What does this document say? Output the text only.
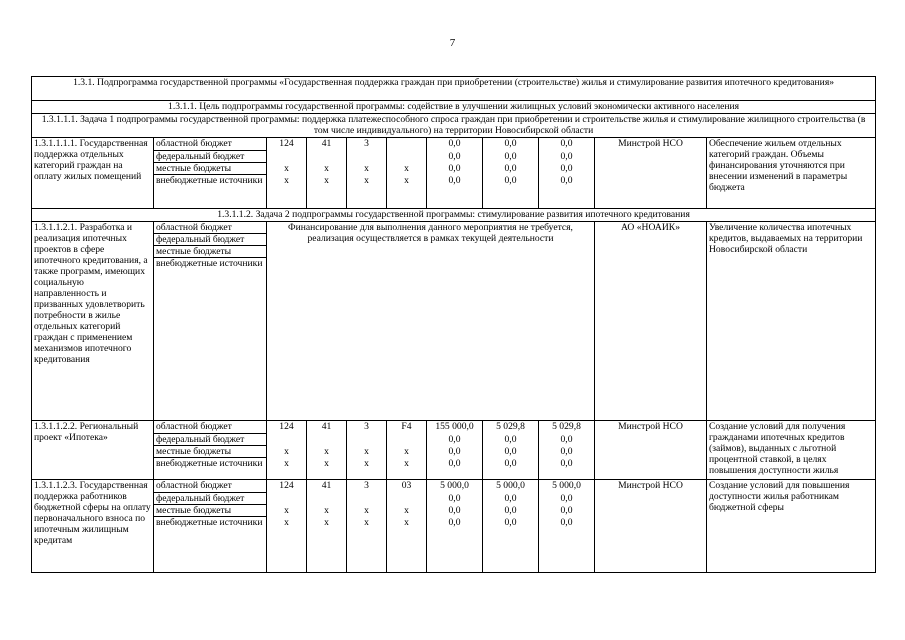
7
1.3.1. Подпрограмма государственной программы «Государственная поддержка граждан при приобретении (строительстве) жилья и стимулирование развития ипотечного кредитования»										
1.3.1.1. Цель подпрограммы государственной программы: содействие в улучшении жилищных условий экономически активного населения										
1.3.1.1.1. Задача 1 подпрограммы государственной программы: поддержка платежеспособного спроса граждан при приобретении и строительстве жилья и стимулирование жилищного строительства (в том числе индивидуального) на территории Новосибирской области										
1.3.1.1.1.1. Государственная поддержка отдельных категорий граждан на оплату жилых помещений	областной бюджет	124	41	3		0,0	0,0	0,0	Минстрой НСО	Обеспечение жильем отдельных категорий граждан. Объемы финансирования уточняются при внесении изменений в параметры бюджета
	федеральный бюджет					0,0	0,0	0,0		
	местные бюджеты	x	x	x	x	0,0	0,0	0,0		
	внебюджетные источники	x	x	x	x	0,0	0,0	0,0		
1.3.1.1.2. Задача 2 подпрограммы государственной программы: стимулирование развития ипотечного кредитования										
1.3.1.1.2.1. Разработка и реализация ипотечных проектов в сфере ипотечного кредитования, а также программ, имеющих социальную направленность и призванных удовлетворить потребности в жилье отдельных категорий граждан с применением механизмов ипотечного кредитования	областной бюджет	Финансирование для выполнения данного мероприятия не требуется, реализация осуществляется в рамках текущей деятельности							АО «НОАИК»	Увеличение количества ипотечных кредитов, выдаваемых на территории Новосибирской области
	федеральный бюджет									
	местные бюджеты									
	внебюджетные источники									
1.3.1.1.2.2. Региональный проект «Ипотека»	областной бюджет	124	41	3	F4	155 000,0	5 029,8	5 029,8	Минстрой НСО	Создание условий для получения гражданами ипотечных кредитов (займов), выданных с льготной процентной ставкой, в целях повышения доступности жилья
	федеральный бюджет					0,0	0,0	0,0		
	местные бюджеты	x	x	x	x	0,0	0,0	0,0		
	внебюджетные источники	x	x	x	x	0,0	0,0	0,0		
1.3.1.1.2.3. Государственная поддержка работников бюджетной сферы на оплату первоначального взноса по ипотечным жилищным кредитам	областной бюджет	124	41	3	03	5 000,0	5 000,0	5 000,0	Минстрой НСО	Создание условий для повышения доступности жилья работникам бюджетной сферы
	федеральный бюджет					0,0	0,0	0,0		
	местные бюджеты	x	x	x	x	0,0	0,0	0,0		
	внебюджетные источники	x	x	x	x	0,0	0,0	0,0		
